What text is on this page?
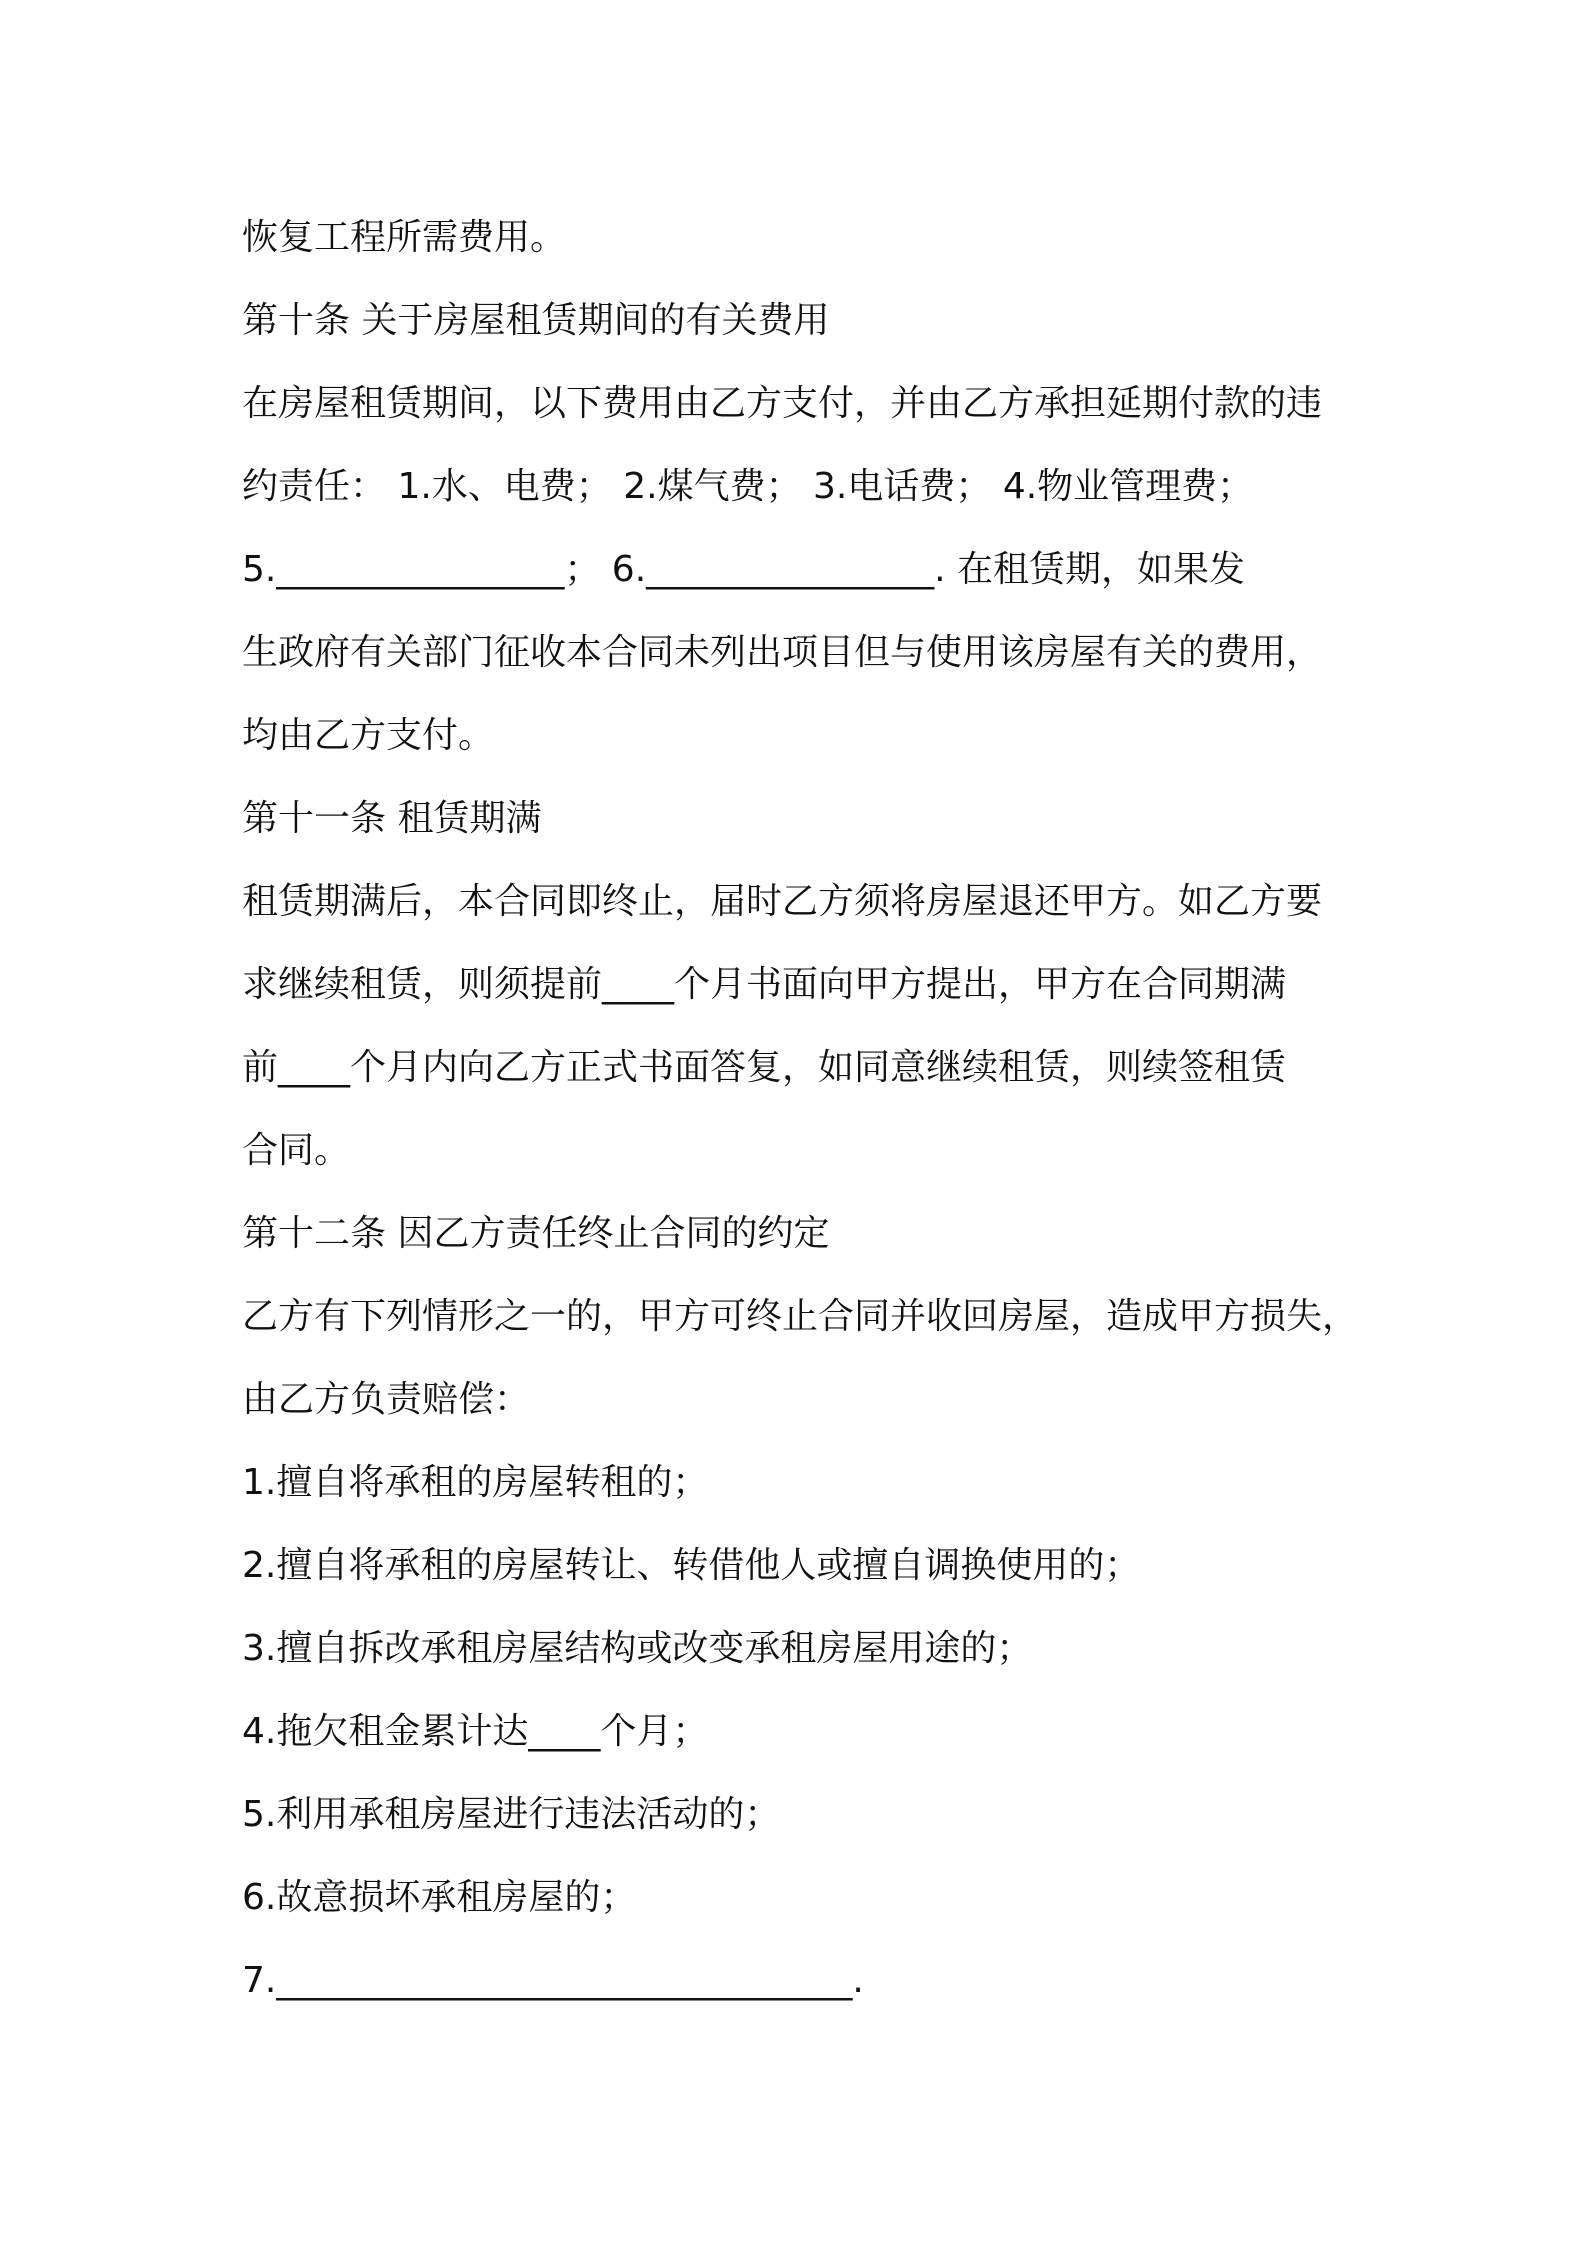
恢复工程所需费用。
第十条 关于房屋租赁期间的有关费用
在房屋租赁期间，以下费用由乙方支付，并由乙方承担延期付款的违
约责任： 1.水、电费； 2.煤气费； 3.电话费； 4.物业管理费；
5.________________； 6.________________. 在租赁期，如果发
生政府有关部门征收本合同未列出项目但与使用该房屋有关的费用，
均由乙方支付。
第十一条 租赁期满
租赁期满后，本合同即终止，届时乙方须将房屋退还甲方。如乙方要
求继续租赁，则须提前____个月书面向甲方提出，甲方在合同期满
前____个月内向乙方正式书面答复，如同意继续租赁，则续签租赁
合同。
第十二条 因乙方责任终止合同的约定
乙方有下列情形之一的，甲方可终止合同并收回房屋，造成甲方损失，
由乙方负责赔偿：
1.擅自将承租的房屋转租的；
2.擅自将承租的房屋转让、转借他人或擅自调换使用的；
3.擅自拆改承租房屋结构或改变承租房屋用途的；
4.拖欠租金累计达____个月；
5.利用承租房屋进行违法活动的；
6.故意损坏承租房屋的；
7.________________________________.
